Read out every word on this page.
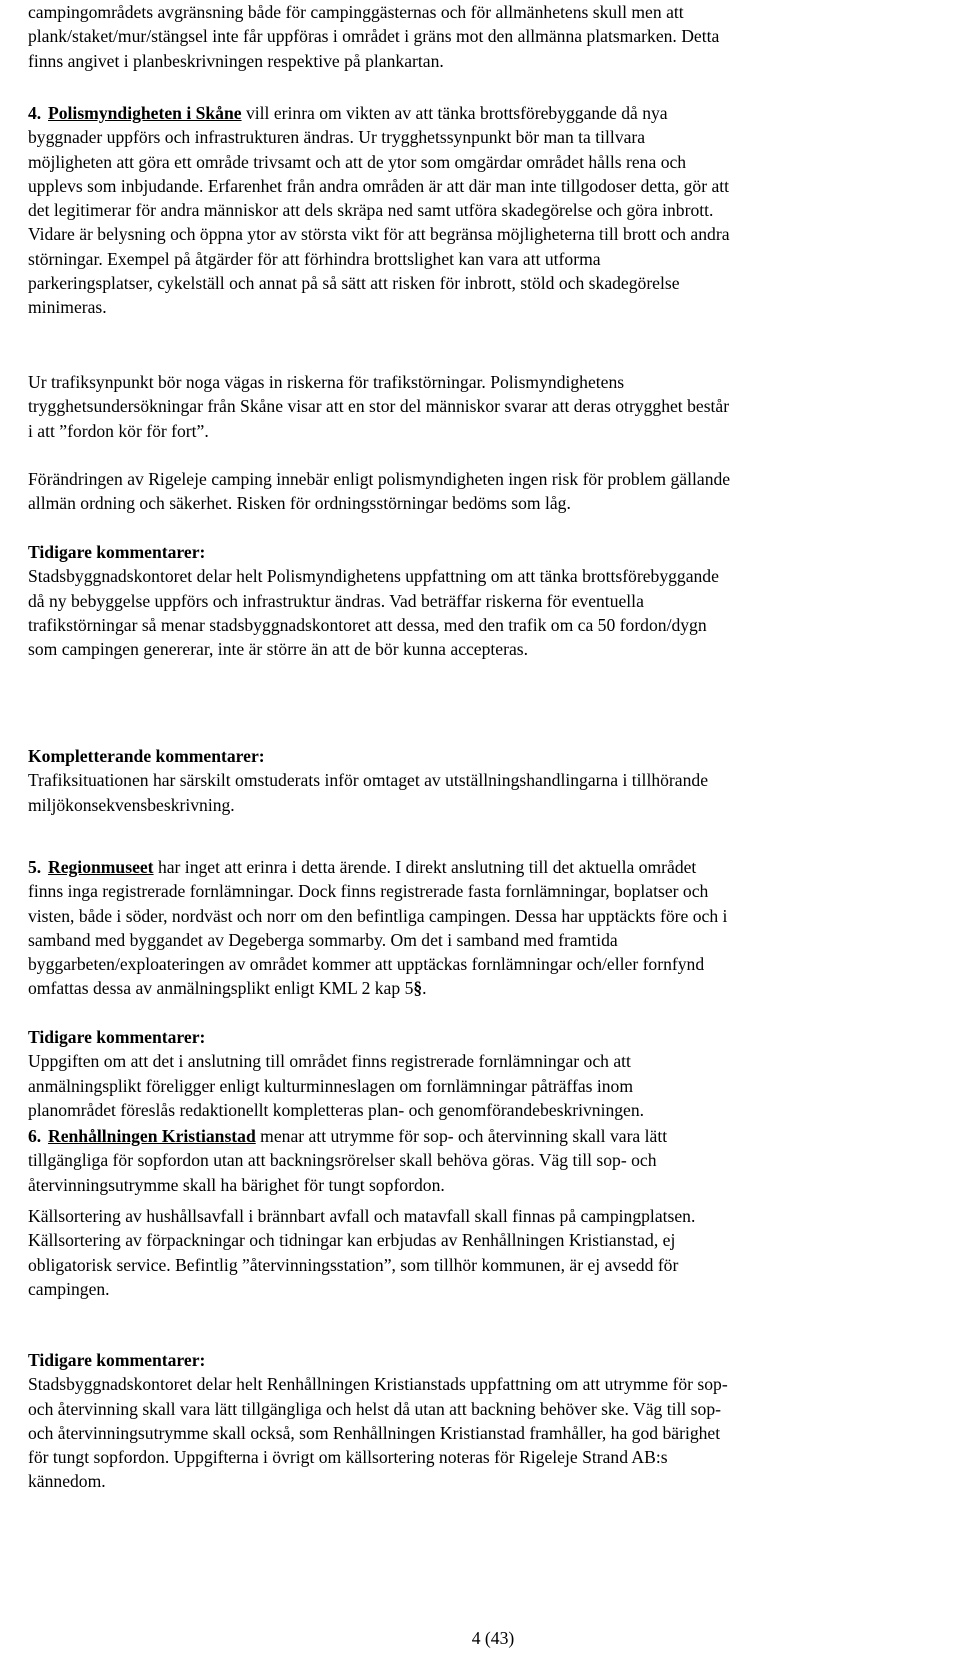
campingområdets avgränsning både för campinggästernas och för allmänhetens skull men att
plank/staket/mur/stängsel inte får uppföras i området i gräns mot den allmänna platsmarken. Detta
finns angivet i planbeskrivningen respektive på plankartan.
4. Polismyndigheten i Skåne vill erinra om vikten av att tänka brottsförebyggande då nya
byggnader uppförs och infrastrukturen ändras. Ur trygghetssynpunkt bör man ta tillvara
möjligheten att göra ett område trivsamt och att de ytor som omgärdar området hålls rena och
upplevs som inbjudande. Erfarenhet från andra områden är att där man inte tillgodoser detta, gör att
det legitimerar för andra människor att dels skräpa ned samt utföra skadegörelse och göra inbrott.
Vidare är belysning och öppna ytor av största vikt för att begränsa möjligheterna till brott och andra
störningar. Exempel på åtgärder för att förhindra brottslighet kan vara att utforma
parkeringsplatser, cykelställ och annat på så sätt att risken för inbrott, stöld och skadegörelse
minimeras.
Ur trafiksynpunkt bör noga vägas in riskerna för trafikstörningar. Polismyndighetens
trygghetsundersökningar från Skåne visar att en stor del människor svarar att deras otrygghet består
i att ”fordon kör för fort”.
Förändringen av Rigeleje camping innebär enligt polismyndigheten ingen risk för problem gällande
allmän ordning och säkerhet. Risken för ordningsstörningar bedöms som låg.
Tidigare kommentarer:
Stadsbyggnadskontoret delar helt Polismyndighetens uppfattning om att tänka brottsförebyggande
då ny bebyggelse uppförs och infrastruktur ändras. Vad beträffar riskerna för eventuella
trafikstörningar så menar stadsbyggnadskontoret att dessa, med den trafik om ca 50 fordon/dygn
som campingen genererar, inte är större än att de bör kunna accepteras.
Kompletterande kommentarer:
Trafiksituationen har särskilt omstuderats inför omtaget av utställningshandlingarna i tillhörande
miljökonsekvensbeskrivning.
5. Regionmuseet har inget att erinra i detta ärende. I direkt anslutning till det aktuella området
finns inga registrerade fornlämningar. Dock finns registrerade fasta fornlämningar, boplatser och
visten, både i söder, nordväst och norr om den befintliga campingen. Dessa har upptäckts före och i
samband med byggandet av Degeberga sommarby. Om det i samband med framtida
byggarbeten/exploateringen av området kommer att upptäckas fornlämningar och/eller fornfynd
omfattas dessa av anmälningsplikt enligt KML 2 kap 5§.
Tidigare kommentarer:
Uppgiften om att det i anslutning till området finns registrerade fornlämningar och att
anmälningsplikt föreligger enligt kulturminneslagen om fornlämningar påträffas inom
planområdet föreslås redaktionellt kompletteras plan- och genomförandebeskrivningen.
6. Renhållningen Kristianstad menar att utrymme för sop- och återvinning skall vara lätt
tillgängliga för sopfordon utan att backningsrörelser skall behöva göras. Väg till sop- och
återvinningsutrymme skall ha bärighet för tungt sopfordon.
Källsortering av hushållsavfall i brännbart avfall och matavfall skall finnas på campingplatsen.
Källsortering av förpackningar och tidningar kan erbjudas av Renhållningen Kristianstad, ej
obligatorisk service. Befintlig ”återvinningsstation”, som tillhör kommunen, är ej avsedd för
campingen.
Tidigare kommentarer:
Stadsbyggnadskontoret delar helt Renhållningen Kristianstads uppfattning om att utrymme för sop-
och återvinning skall vara lätt tillgängliga och helst då utan att backning behöver ske. Väg till sop-
och återvinningsutrymme skall också, som Renhållningen Kristianstad framhåller, ha god bärighet
för tungt sopfordon. Uppgifterna i övrigt om källsortering noteras för Rigeleje Strand AB:s
kännedom.
4 (43)
